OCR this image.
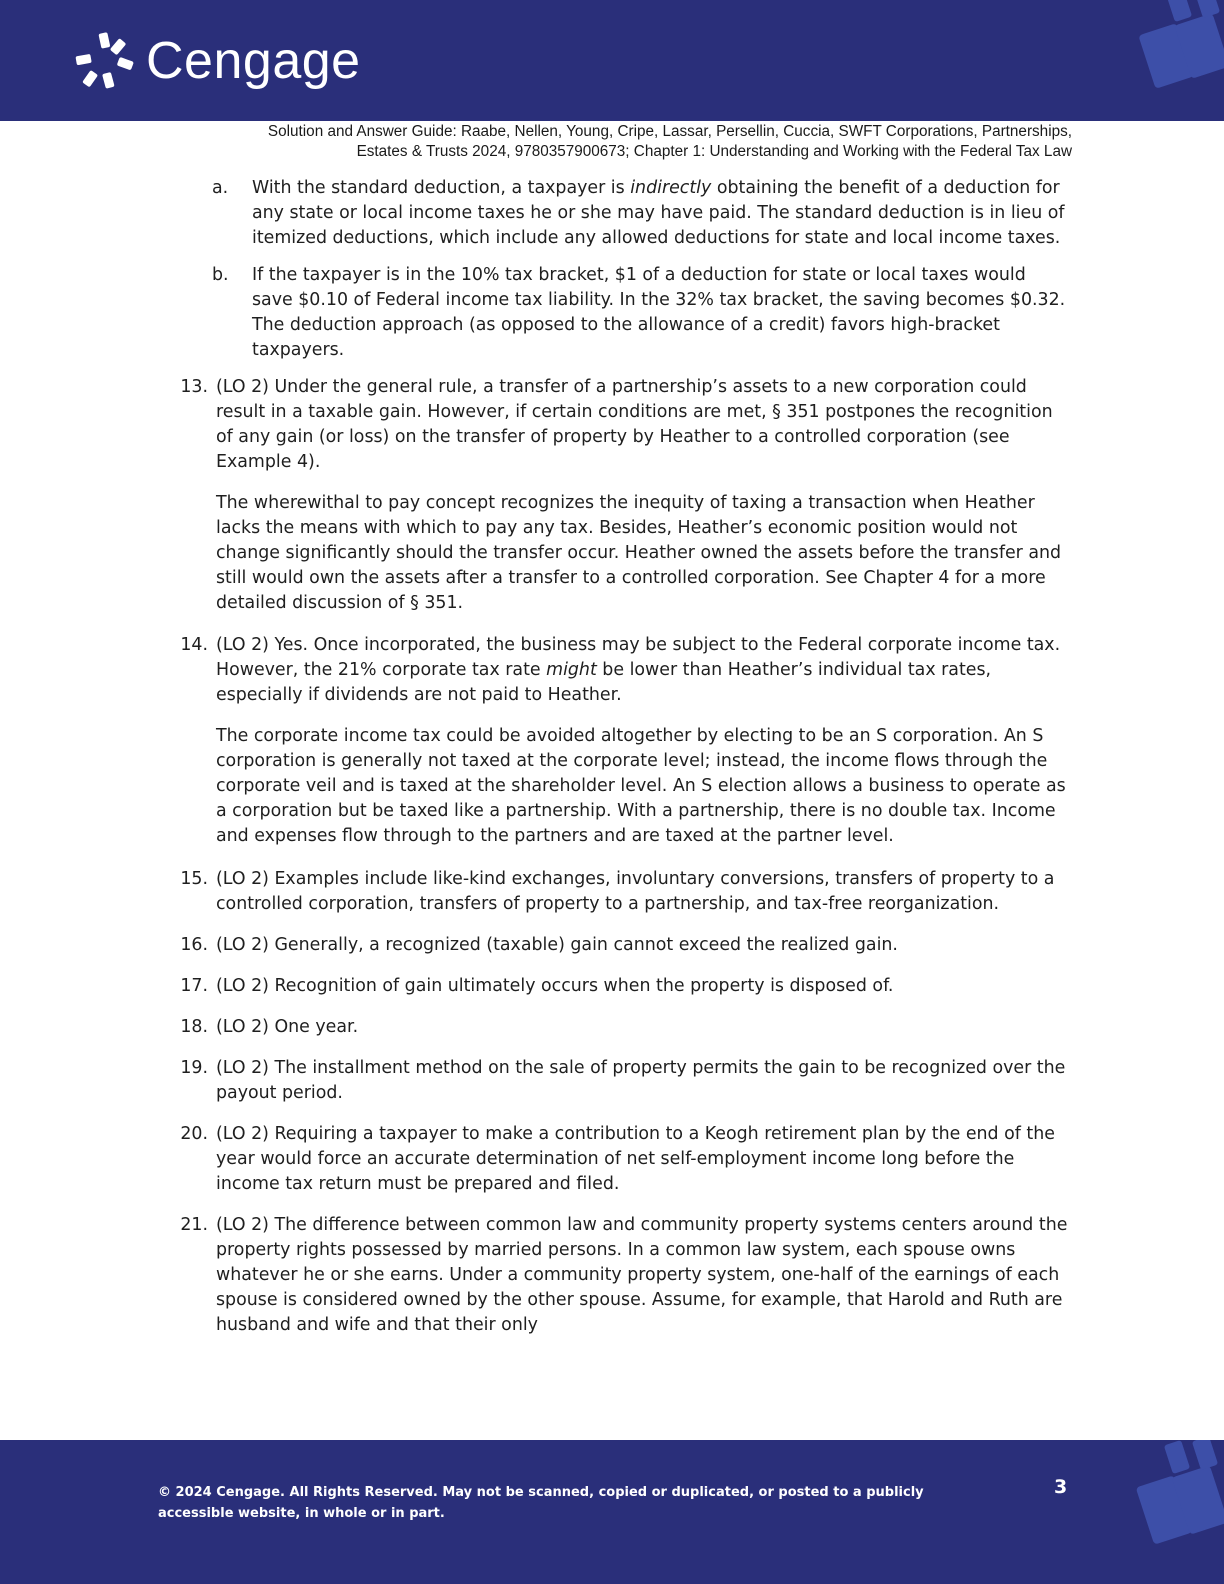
Cengage
Solution and Answer Guide: Raabe, Nellen, Young, Cripe, Lassar, Persellin, Cuccia, SWFT Corporations, Partnerships,
Estates & Trusts 2024, 9780357900673; Chapter 1: Understanding and Working with the Federal Tax Law
a. With the standard deduction, a taxpayer is indirectly obtaining the benefit of a deduction for any state or local income taxes he or she may have paid. The standard deduction is in lieu of itemized deductions, which include any allowed deductions for state and local income taxes.

b. If the taxpayer is in the 10% tax bracket, $1 of a deduction for state or local taxes would save $0.10 of Federal income tax liability. In the 32% tax bracket, the saving becomes $0.32. The deduction approach (as opposed to the allowance of a credit) favors high-bracket taxpayers.

13. (LO 2) Under the general rule, a transfer of a partnership’s assets to a new corporation could result in a taxable gain. However, if certain conditions are met, § 351 postpones the recognition of any gain (or loss) on the transfer of property by Heather to a controlled corporation (see Example 4).

The wherewithal to pay concept recognizes the inequity of taxing a transaction when Heather lacks the means with which to pay any tax. Besides, Heather’s economic position would not change significantly should the transfer occur. Heather owned the assets before the transfer and still would own the assets after a transfer to a controlled corporation. See Chapter 4 for a more detailed discussion of § 351.

14. (LO 2) Yes. Once incorporated, the business may be subject to the Federal corporate income tax. However, the 21% corporate tax rate might be lower than Heather’s individual tax rates, especially if dividends are not paid to Heather.

The corporate income tax could be avoided altogether by electing to be an S corporation. An S corporation is generally not taxed at the corporate level; instead, the income flows through the corporate veil and is taxed at the shareholder level. An S election allows a business to operate as a corporation but be taxed like a partnership. With a partnership, there is no double tax. Income and expenses flow through to the partners and are taxed at the partner level.

15. (LO 2) Examples include like-kind exchanges, involuntary conversions, transfers of property to a controlled corporation, transfers of property to a partnership, and tax-free reorganization.

16. (LO 2) Generally, a recognized (taxable) gain cannot exceed the realized gain.

17. (LO 2) Recognition of gain ultimately occurs when the property is disposed of.

18. (LO 2) One year.

19. (LO 2) The installment method on the sale of property permits the gain to be recognized over the payout period.

20. (LO 2) Requiring a taxpayer to make a contribution to a Keogh retirement plan by the end of the year would force an accurate determination of net self-employment income long before the income tax return must be prepared and filed.

21. (LO 2) The difference between common law and community property systems centers around the property rights possessed by married persons. In a common law system, each spouse owns whatever he or she earns. Under a community property system, one-half of the earnings of each spouse is considered owned by the other spouse. Assume, for example, that Harold and Ruth are husband and wife and that their only

© 2024 Cengage. All Rights Reserved. May not be scanned, copied or duplicated, or posted to a publicly accessible website, in whole or in part.
3
